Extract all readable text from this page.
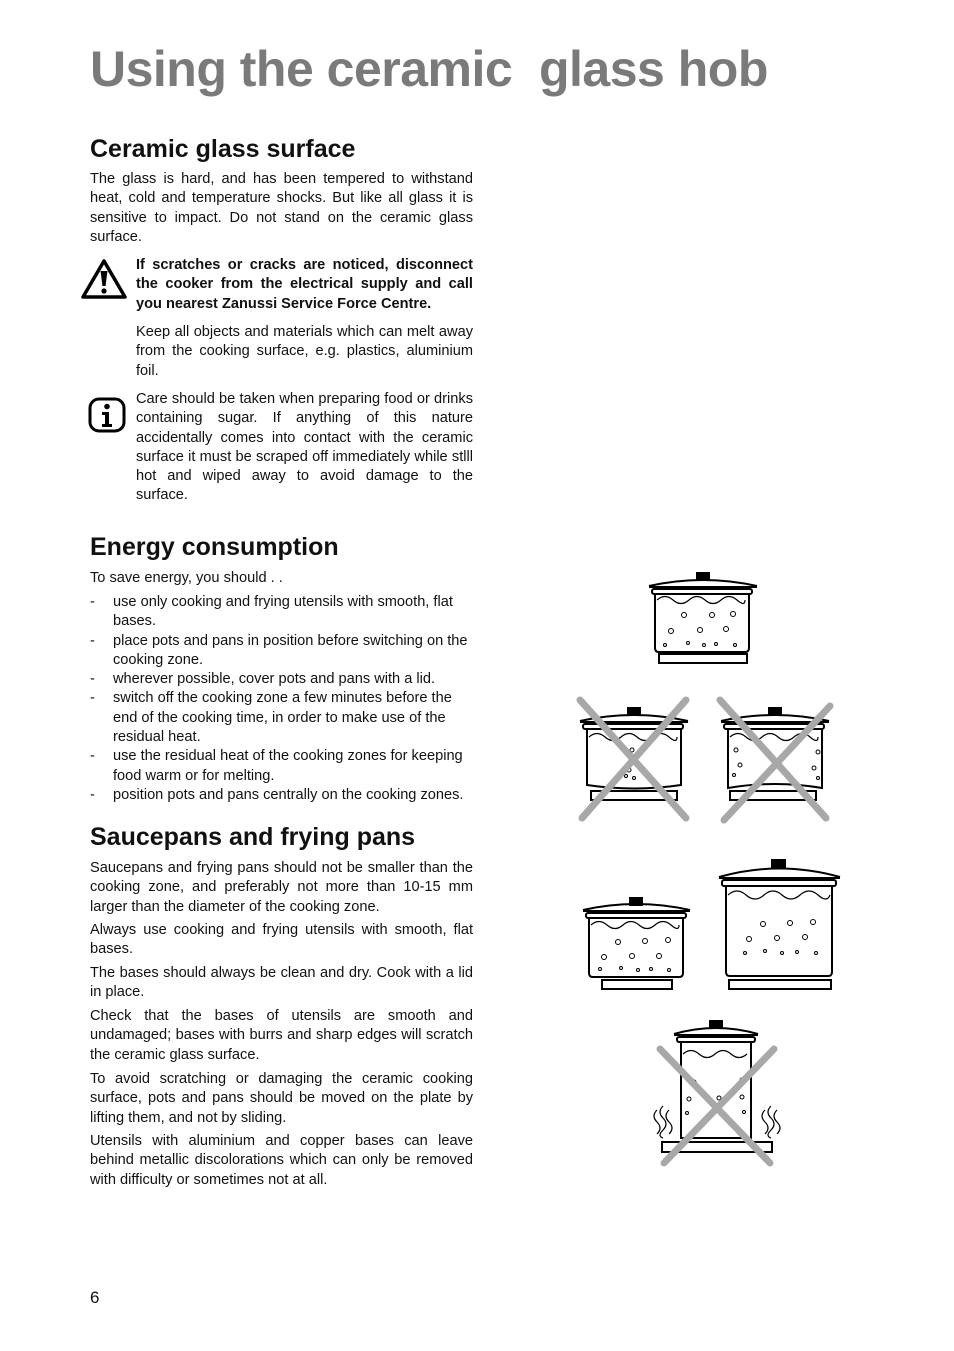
Using the ceramic  glass hob
Ceramic glass surface

The glass is hard, and has been tempered to withstand heat, cold and temperature shocks. But like all glass it is sensitive to impact. Do not stand on the ceramic glass surface.

If scratches or cracks are noticed, disconnect the cooker from the electrical supply and call you nearest Zanussi Service Force Centre.

Keep all objects and materials which can melt away from the cooking surface, e.g. plastics, aluminium foil.

Care should be taken when preparing food or drinks containing sugar. If anything of this nature accidentally comes into contact with the ceramic surface it must be scraped off immediately while stlll hot and wiped away to avoid damage to the surface.

Energy consumption

To save energy, you should . .

- use only cooking and frying utensils with smooth, flat bases.
- place pots and pans in position before switching on the cooking zone.
- wherever possible, cover pots and pans with a lid.
- switch off the cooking zone a few minutes before the end of the cooking time, in order to make use of the residual heat.
- use the residual heat of the cooking zones for keeping food warm or for melting.
- position pots and pans centrally on the cooking zones.
Saucepans and frying pans

Saucepans and frying pans should not be smaller than the cooking zone, and preferably not more than 10-15 mm larger than the diameter of the cooking zone.

Always use cooking and frying utensils with smooth, flat bases.

The bases should always be clean and dry. Cook with a lid in place.

Check that the bases of utensils are smooth and undamaged; bases with burrs and sharp edges will scratch the ceramic glass surface.

To avoid scratching or damaging the ceramic cooking surface, pots and pans should be moved on the plate by lifting them, and not by sliding.

Utensils with aluminium and copper bases can leave behind metallic discolorations which can only be removed with difficulty or sometimes not at all.

6
